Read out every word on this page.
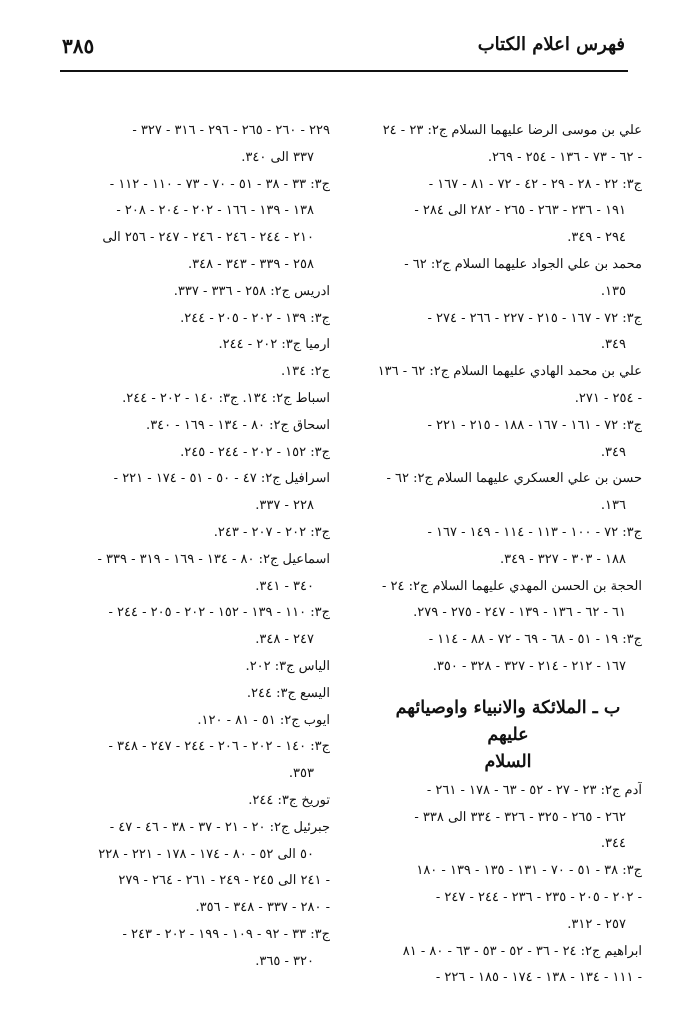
٣٨٥	فهرس اعلام الكتاب
علي بن موسى الرضا عليهما السلام ج٢: ٢٣ - ٢٤
- ٦٢ - ٧٣ - ١٣٦ - ٢٥٤ - ٢٦٩.
ج٣: ٢٢ - ٢٨ - ٢٩ - ٤٢ - ٧٢ - ٨١ - ١٦٧ -
١٩١ - ٢٣٦ - ٢٦٣ - ٢٦٥ - ٢٨٢ الى ٢٨٤ -
٢٩٤ - ٣٤٩.
محمد بن علي الجواد عليهما السلام ج٢: ٦٢ -
١٣٥.
ج٣: ٧٢ - ١٦٧ - ٢١٥ - ٢٢٧ - ٢٦٦ - ٢٧٤ -
٣٤٩.
علي بن محمد الهادي عليهما السلام ج٢: ٦٢ - ١٣٦
- ٢٥٤ - ٢٧١.
ج٣: ٧٢ - ١٦١ - ١٦٧ - ١٨٨ - ٢١٥ - ٢٢١ -
٣٤٩.
حسن بن علي العسكري عليهما السلام ج٢: ٦٢ -
١٣٦.
ج٣: ٧٢ - ١٠٠ - ١١٣ - ١١٤ - ١٤٩ - ١٦٧ -
١٨٨ - ٣٠٣ - ٣٢٧ - ٣٤٩.
الحجة بن الحسن المهدي عليهما السلام ج٢: ٢٤ -
٦١ - ٦٢ - ١٣٦ - ١٣٩ - ٢٤٧ - ٢٧٥ - ٢٧٩.
ج٣: ١٩ - ٥١ - ٦٨ - ٦٩ - ٧٢ - ٨٨ - ١١٤ -
١٦٧ - ٢١٢ - ٢١٤ - ٣٢٧ - ٣٢٨ - ٣٥٠.
ب ـ الملائكة والانبياء واوصيائهم عليهم
السلام
آدم ج٢: ٢٣ - ٢٧ - ٥٢ - ٦٣ - ١٧٨ - ٢٦١ -
٢٦٢ - ٢٦٥ - ٣٢٥ - ٣٢٦ - ٣٣٤ الى ٣٣٨ -
٣٤٤.
ج٣: ٣٨ - ٥١ - ٧٠ - ١٣١ - ١٣٥ - ١٣٩ - ١٨٠
- ٢٠٢ - ٢٠٥ - ٢٣٥ - ٢٣٦ - ٢٤٤ - ٢٤٧ -
٢٥٧ - ٣١٢.
ابراهيم ج٢: ٢٤ - ٣٦ - ٥٢ - ٥٣ - ٦٣ - ٨٠ - ٨١
- ١١١ - ١٣٤ - ١٣٨ - ١٧٤ - ١٨٥ - ٢٢٦ -
٢٢٩ - ٢٦٠ - ٢٦٥ - ٢٩٦ - ٣١٦ - ٣٢٧ -
٣٣٧ الى ٣٤٠.
ج٣: ٣٣ - ٣٨ - ٥١ - ٧٠ - ٧٣ - ١١٠ - ١١٢ -
١٣٨ - ١٣٩ - ١٦٦ - ٢٠٢ - ٢٠٤ - ٢٠٨ -
٢١٠ - ٢٤٤ - ٢٤٦ - ٢٤٦ - ٢٤٧ - ٢٥٦ الى
٢٥٨ - ٣٣٩ - ٣٤٣ - ٣٤٨.
ادريس ج٢: ٢٥٨ - ٣٣٦ - ٣٣٧.
ج٣: ١٣٩ - ٢٠٢ - ٢٠٥ - ٢٤٤.
ارميا ج٣: ٢٠٢ - ٢٤٤.
ج٢: ١٣٤.
اسباط ج٢: ١٣٤. ج٣: ١٤٠ - ٢٠٢ - ٢٤٤.
اسحاق ج٢: ٨٠ - ١٣٤ - ١٦٩ - ٣٤٠.
ج٣: ١٥٢ - ٢٠٢ - ٢٤٤ - ٢٤٥.
اسرافيل ج٢: ٤٧ - ٥٠ - ٥١ - ١٧٤ - ٢٢١ -
٢٢٨ - ٣٣٧.
ج٣: ٢٠٢ - ٢٠٧ - ٢٤٣.
اسماعيل ج٢: ٨٠ - ١٣٤ - ١٦٩ - ٣١٩ - ٣٣٩ -
٣٤٠ - ٣٤١.
ج٣: ١١٠ - ١٣٩ - ١٥٢ - ٢٠٢ - ٢٠٥ - ٢٤٤ -
٢٤٧ - ٣٤٨.
الياس ج٣: ٢٠٢.
اليسع ج٣: ٢٤٤.
ايوب ج٢: ٥١ - ٨١ - ١٢٠.
ج٣: ١٤٠ - ٢٠٢ - ٢٠٦ - ٢٤٤ - ٢٤٧ - ٣٤٨ -
٣٥٣.
توريخ ج٣: ٢٤٤.
جبرئيل ج٢: ٢٠ - ٢١ - ٣٧ - ٣٨ - ٤٦ - ٤٧ -
٥٠ الى ٥٢ - ٨٠ - ١٧٤ - ١٧٨ - ٢٢١ - ٢٢٨
- ٢٤١ الى ٢٤٥ - ٢٤٩ - ٢٦١ - ٢٦٤ - ٢٧٩
- ٢٨٠ - ٣٣٧ - ٣٤٨ - ٣٥٦.
ج٣: ٣٣ - ٩٢ - ١٠٩ - ١٩٩ - ٢٠٢ - ٢٤٣ -
٣٢٠ - ٣٦٥.
